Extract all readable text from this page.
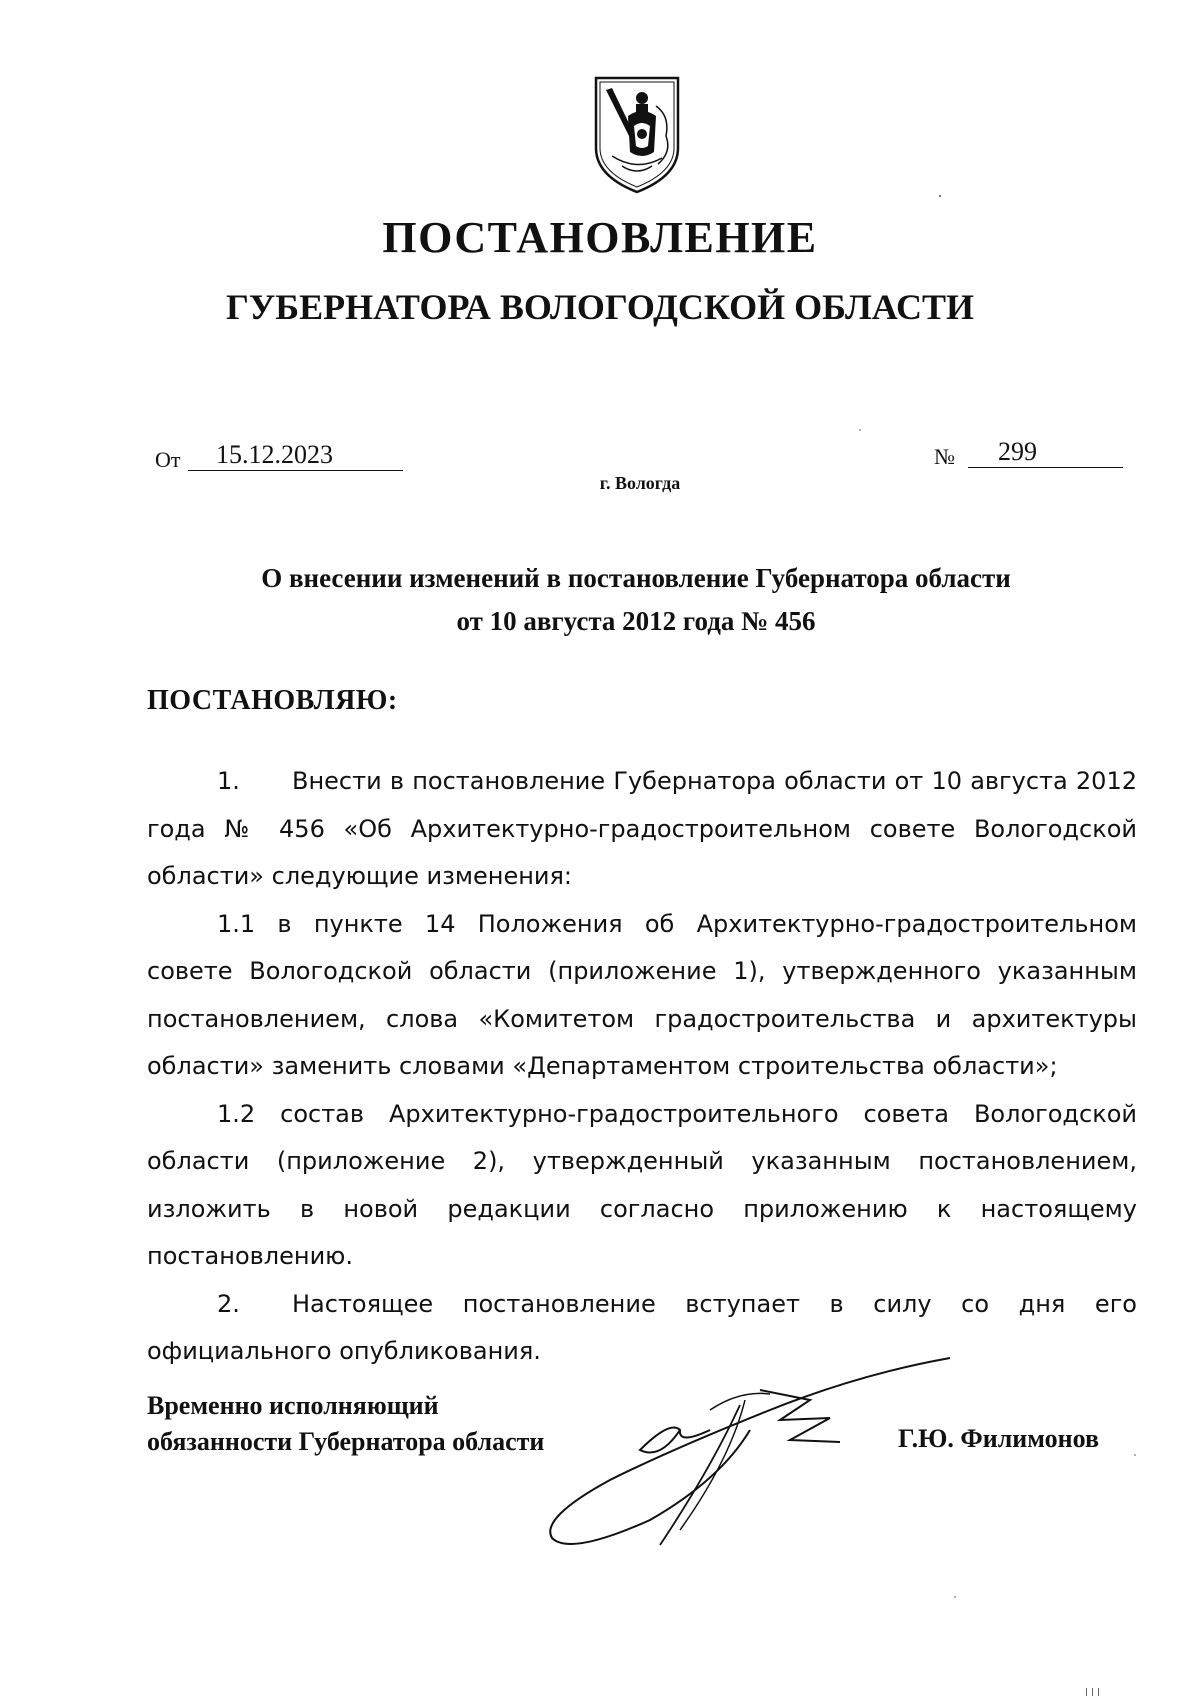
ПОСТАНОВЛЕНИЕ
ГУБЕРНАТОРА ВОЛОГОДСКОЙ ОБЛАСТИ
От	15.12.2023	№	299
г. Вологда
О внесении изменений в постановление Губернатора области
от 10 августа 2012 года № 456
ПОСТАНОВЛЯЮ:

1. Внести в постановление Губернатора области от 10 августа 2012 года № 456 «Об Архитектурно-градостроительном совете Вологодской области» следующие изменения:

1.1 в пункте 14 Положения об Архитектурно-градостроительном совете Вологодской области (приложение 1), утвержденного указанным постановлением, слова «Комитетом градостроительства и архитектуры области» заменить словами «Департаментом строительства области»;

1.2 состав Архитектурно-градостроительного совета Вологодской области (приложение 2), утвержденный указанным постановлением, изложить в новой редакции согласно приложению к настоящему постановлению.

2. Настоящее постановление вступает в силу со дня его официального опубликования.

Временно исполняющий
обязанности Губернатора области	Г.Ю. Филимонов
